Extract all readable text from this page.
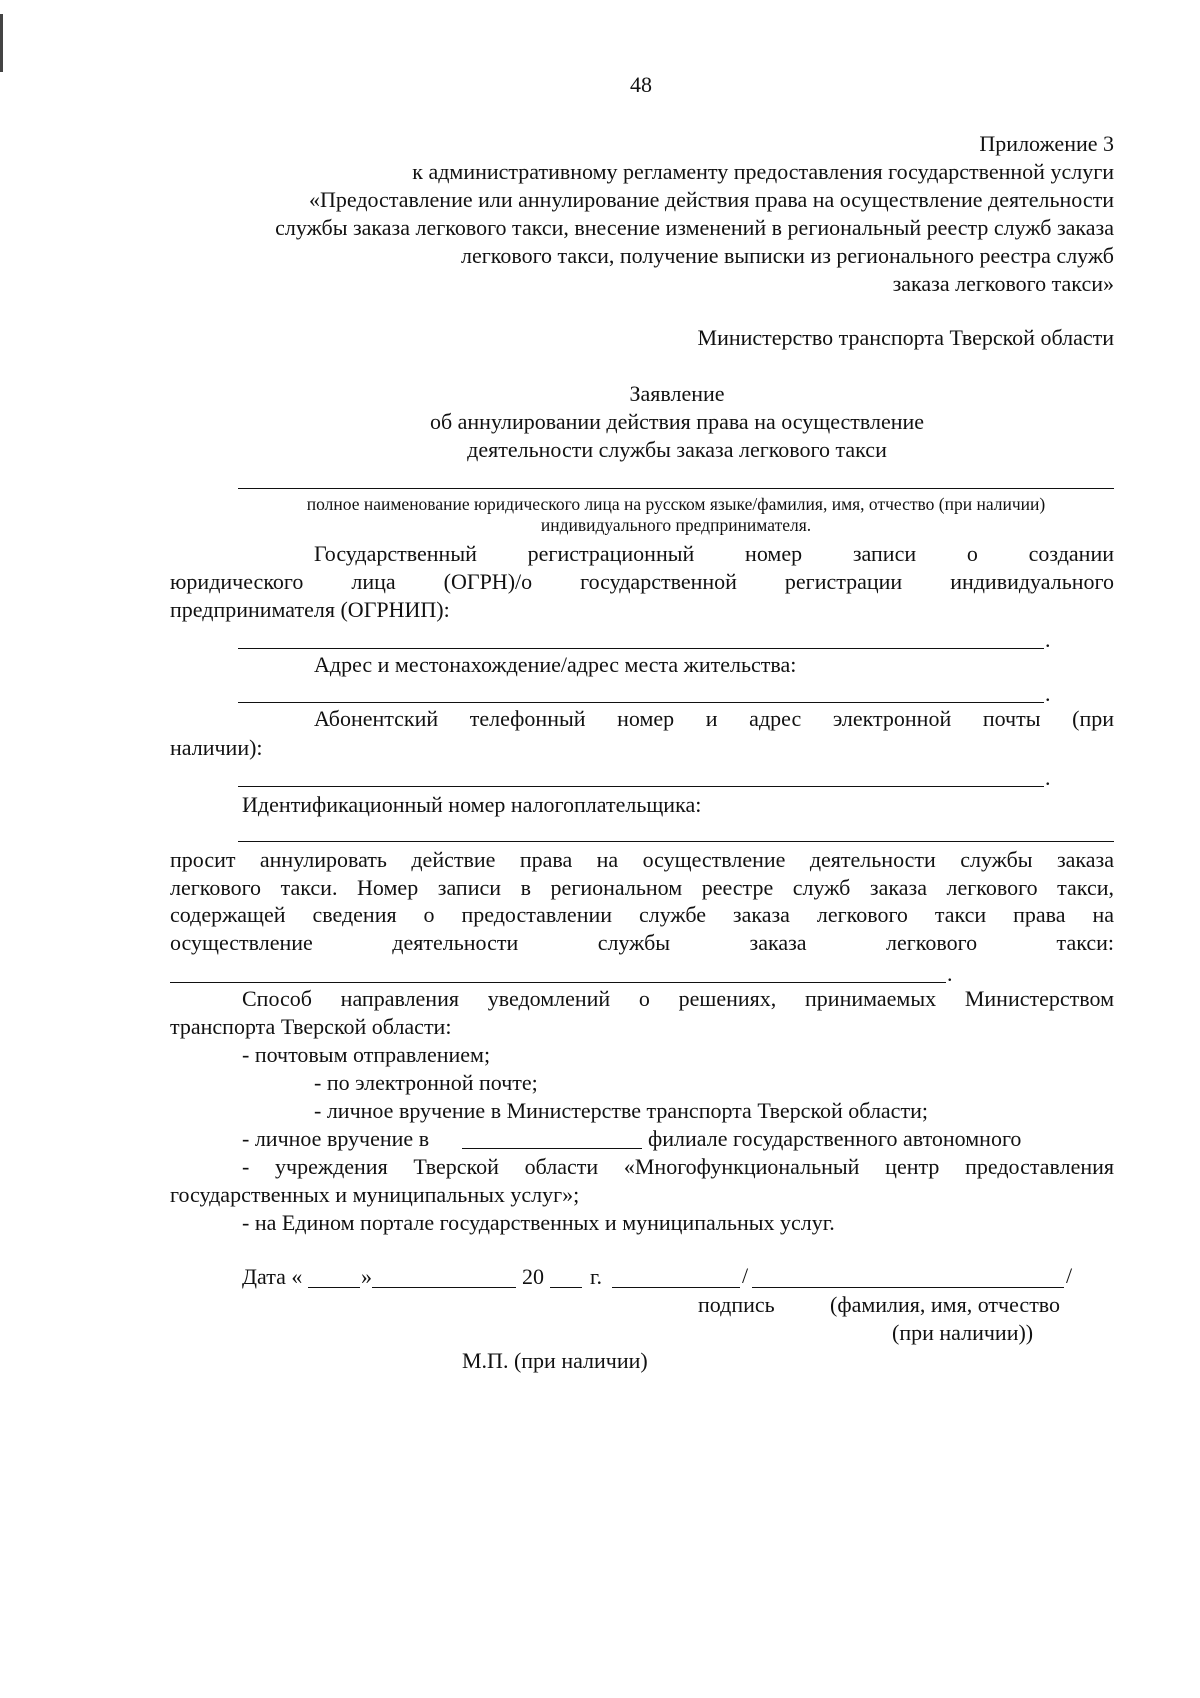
48
Приложение 3
к административному регламенту предоставления государственной услуги
«Предоставление или аннулирование действия права на осуществление деятельности
службы заказа легкового такси, внесение изменений в региональный реестр служб заказа
легкового такси, получение выписки из регионального реестра служб
заказа легкового такси»
Министерство транспорта Тверской области
Заявление
об аннулировании действия права на осуществление
деятельности службы заказа легкового такси
полное наименование юридического лица на русском языке/фамилия, имя, отчество (при наличии)
индивидуального предпринимателя.
Государственный регистрационный номер записи о создании
юридического лица (ОГРН)/о государственной регистрации индивидуального
предпринимателя (ОГРНИП):
.
Адрес и местонахождение/адрес места жительства:
.
Абонентский телефонный номер и адрес электронной почты (при
наличии):
.
Идентификационный номер налогоплательщика:
просит аннулировать действие права на осуществление деятельности службы заказа
легкового такси. Номер записи в региональном реестре служб заказа легкового такси,
содержащей сведения о предоставлении службе заказа легкового такси права на
осуществление деятельности службы заказа легкового такси:
.
Способ направления уведомлений о решениях, принимаемых Министерством
транспорта Тверской области:
- почтовым отправлением;
- по электронной почте;
- личное вручение в Министерстве транспорта Тверской области;
- личное вручение в	филиале государственного автономного
- учреждения Тверской области «Многофункциональный центр предоставления
государственных и муниципальных услуг»;
- на Едином портале государственных и муниципальных услуг.
Дата «	»	20 г.	/	/
подпись	(фамилия, имя, отчество
(при наличии))
М.П. (при наличии)
